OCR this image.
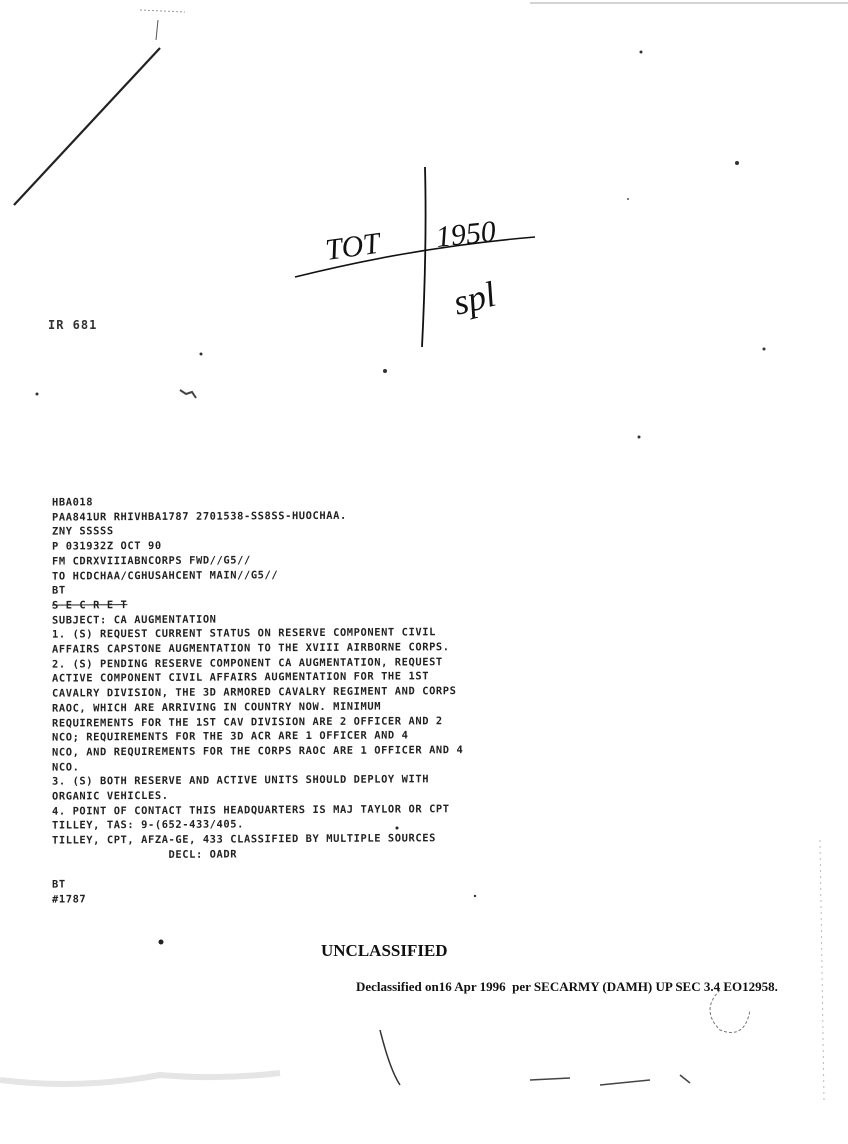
IR 681
TOT 1950
spl
HBA018
PAA841UR RHIVHBA1787 2701538-SS8SS-HUOCHAA.
ZNY SSSSS
P 031932Z OCT 90
FM CDRXVIIIABNCORPS FWD//G5//
TO HCDCHAA/CGHUSAHCENT MAIN//G5//
BT
S E C R E T
SUBJECT: CA AUGMENTATION
1. (S) REQUEST CURRENT STATUS ON RESERVE COMPONENT CIVIL
AFFAIRS CAPSTONE AUGMENTATION TO THE XVIII AIRBORNE CORPS.
2. (S) PENDING RESERVE COMPONENT CA AUGMENTATION, REQUEST
ACTIVE COMPONENT CIVIL AFFAIRS AUGMENTATION FOR THE 1ST
CAVALRY DIVISION, THE 3D ARMORED CAVALRY REGIMENT AND CORPS
RAOC, WHICH ARE ARRIVING IN COUNTRY NOW. MINIMUM
REQUIREMENTS FOR THE 1ST CAV DIVISION ARE 2 OFFICER AND 2
NCO; REQUIREMENTS FOR THE 3D ACR ARE 1 OFFICER AND 4
NCO, AND REQUIREMENTS FOR THE CORPS RAOC ARE 1 OFFICER AND 4
NCO.
3. (S) BOTH RESERVE AND ACTIVE UNITS SHOULD DEPLOY WITH
ORGANIC VEHICLES.
4. POINT OF CONTACT THIS HEADQUARTERS IS MAJ TAYLOR OR CPT
TILLEY, TAS: 9-(652-433/405.
TILLEY, CPT, AFZA-GE, 433 CLASSIFIED BY MULTIPLE SOURCES
DECL: OADR

BT
#1787
UNCLASSIFIED
Declassified on16 Apr 1996  per SECARMY (DAMH) UP SEC 3.4 EO12958.
